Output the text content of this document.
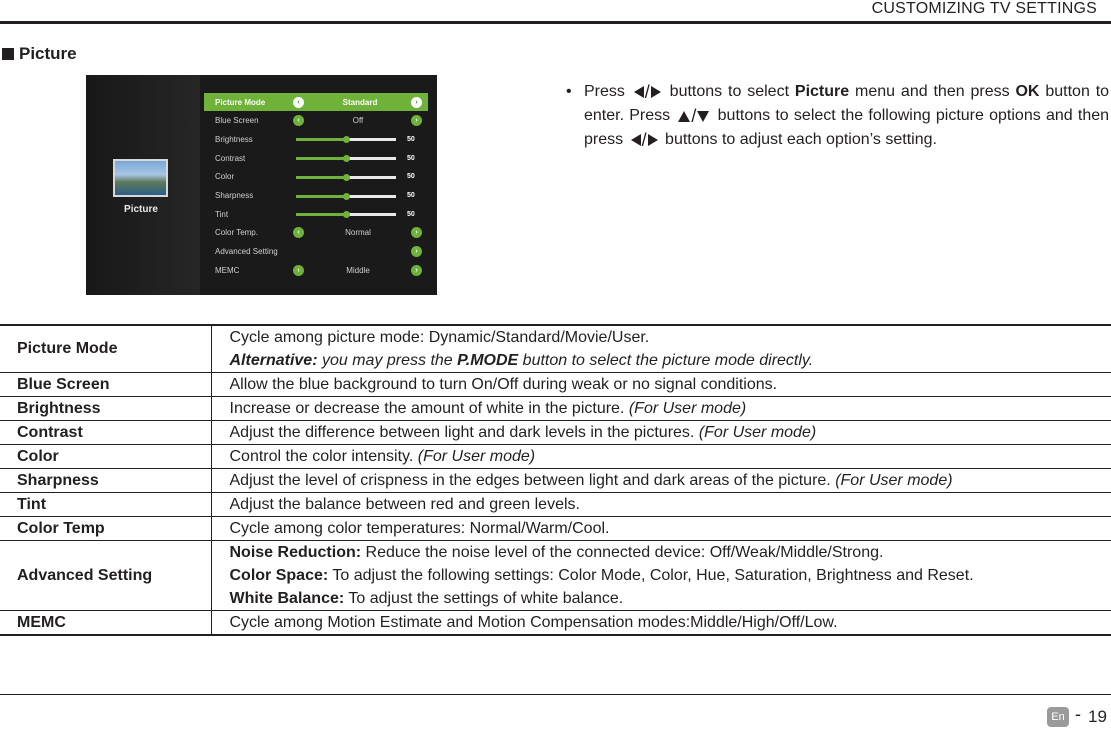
CUSTOMIZING TV SETTINGS
Picture
Picture
Picture Mode	‹	Standard	›
Blue Screen	‹	Off	›
Brightness	50
Contrast	50
Color	50
Sharpness	50
Tint	50
Color Temp.	‹	Normal	›
Advanced Setting	›
MEMC	‹	Middle	›
• Press / buttons to select Picture menu and then press OK button to enter. Press / buttons to select the following picture options and then press / buttons to adjust each option’s setting.

Picture Mode	Cycle among picture mode: Dynamic/Standard/Movie/User.
Alternative: you may press the P.MODE button to select the picture mode directly.

Blue Screen	Allow the blue background to turn On/Off during weak or no signal conditions.

Brightness	Increase or decrease the amount of white in the picture. (For User mode)

Contrast	Adjust the difference between light and dark levels in the pictures. (For User mode)

Color	Control the color intensity. (For User mode)

Sharpness	Adjust the level of crispness in the edges between light and dark areas of the picture. (For User mode)

Tint	Adjust the balance between red and green levels.

Color Temp	Cycle among color temperatures: Normal/Warm/Cool.

Advanced Setting	Noise Reduction: Reduce the noise level of the connected device: Off/Weak/Middle/Strong.
Color Space: To adjust the following settings: Color Mode, Color, Hue, Saturation, Brightness and Reset.
White Balance: To adjust the settings of white balance.

MEMC	Cycle among Motion Estimate and Motion Compensation modes:Middle/High/Off/Low.
En - 19
